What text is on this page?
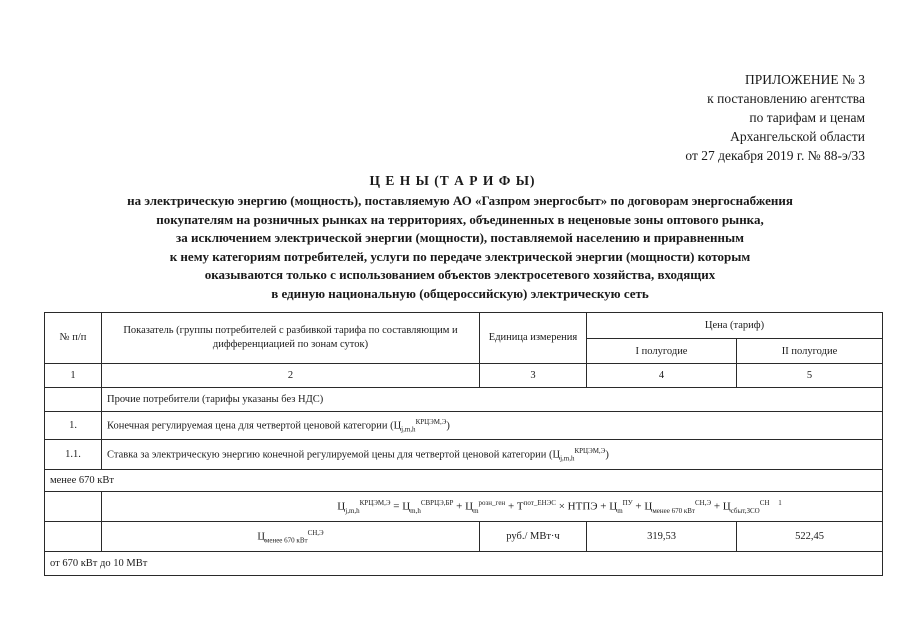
ПРИЛОЖЕНИЕ № 3
к постановлению агентства
по тарифам и ценам
Архангельской области
от 27 декабря 2019 г. № 88-э/33
Ц Е Н Ы (Т А Р И Ф Ы)
на электрическую энергию (мощность), поставляемую АО «Газпром энергосбыт» по договорам энергоснабжения
покупателям на розничных рынках на территориях, объединенных в неценовые зоны оптового рынка,
за исключением электрической энергии (мощности), поставляемой населению и приравненным
к нему категориям потребителей, услуги по передаче электрической энергии (мощности) которым
оказываются только с использованием объектов электросетевого хозяйства, входящих
в единую национальную (общероссийскую) электрическую сеть
№ п/п	Показатель (группы потребителей с разбивкой тарифа по составляющим и дифференциацией по зонам суток)	Единица измерения	Цена (тариф)	
			I полугодие	II полугодие
1	2	3	4	5
	Прочие потребители (тарифы указаны без НДС)			
1.	Конечная регулируемая цена для четвертой ценовой категории $(Ц_{j,m,h}^{КРЦЭМ,Э})$			
1.1.	Ставка за электрическую энергию конечной регулируемой цены для четвертой ценовой категории $(Ц_{j,m,h}^{КРЦЭМ,Э})$			
менее 670 кВт				
	$Ц_{j,m,h}^{КРЦЭМ,Э} = Ц_{m,h}^{СВРЦЭ,БР} + Ц_m^{розн\_ген} + T^{пот\_ЕНЭС}$ × НТПЭ + $Ц_m^{ПУ} + Ц_{менее 670 кВт}^{СН,Э} + Ц_{сбыт,ЗСО}^{СН}$ $^1$
	$Ц_{менее 670 кВт}^{СН,Э}$	руб./ МВт·ч	319,53	522,45
от 670 кВт до 10 МВт				
